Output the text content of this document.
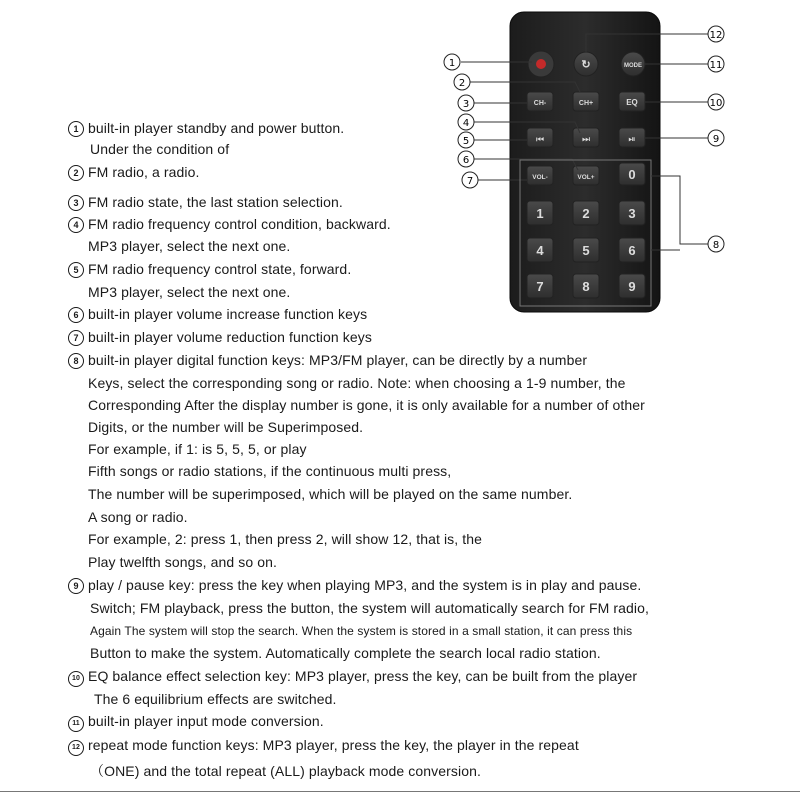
↻	MODE
CH-	CH+	EQ
⏮	⏭	⏯
VOL-	VOL+	0
1	2	3
4	5	6
7	8	9
1
2
3
4
5
6
7
8
9
10
11
12
1 built-in player standby and power button.
Under the condition of
2 FM radio, a radio.
3 FM radio state, the last station selection.
4 FM radio frequency control condition, backward.
MP3 player, select the next one.
5 FM radio frequency control state, forward.
MP3 player, select the next one.
6 built-in player volume increase function keys
7 built-in player volume reduction function keys
8 built-in player digital function keys: MP3/FM player, can be directly by a number
Keys, select the corresponding song or radio. Note: when choosing a 1-9 number, the
Corresponding After the display number is gone, it is only available for a number of other
Digits, or the number will be Superimposed.
For example, if 1: is 5, 5, 5, or play
Fifth songs or radio stations, if the continuous multi press,
The number will be superimposed, which will be played on the same number.
A song or radio.
For example, 2: press 1, then press 2, will show 12, that is, the
Play twelfth songs, and so on.
9 play / pause key: press the key when playing MP3, and the system is in play and pause.
Switch; FM playback, press the button, the system will automatically search for FM radio,
Again The system will stop the search. When the system is stored in a small station, it can press this
Button to make the system. Automatically complete the search local radio station.
10 EQ balance effect selection key: MP3 player, press the key, can be built from the player
The 6 equilibrium effects are switched.
11 built-in player input mode conversion.
12 repeat mode function keys: MP3 player, press the key, the player in the repeat
（ONE) and the total repeat (ALL) playback mode conversion.
